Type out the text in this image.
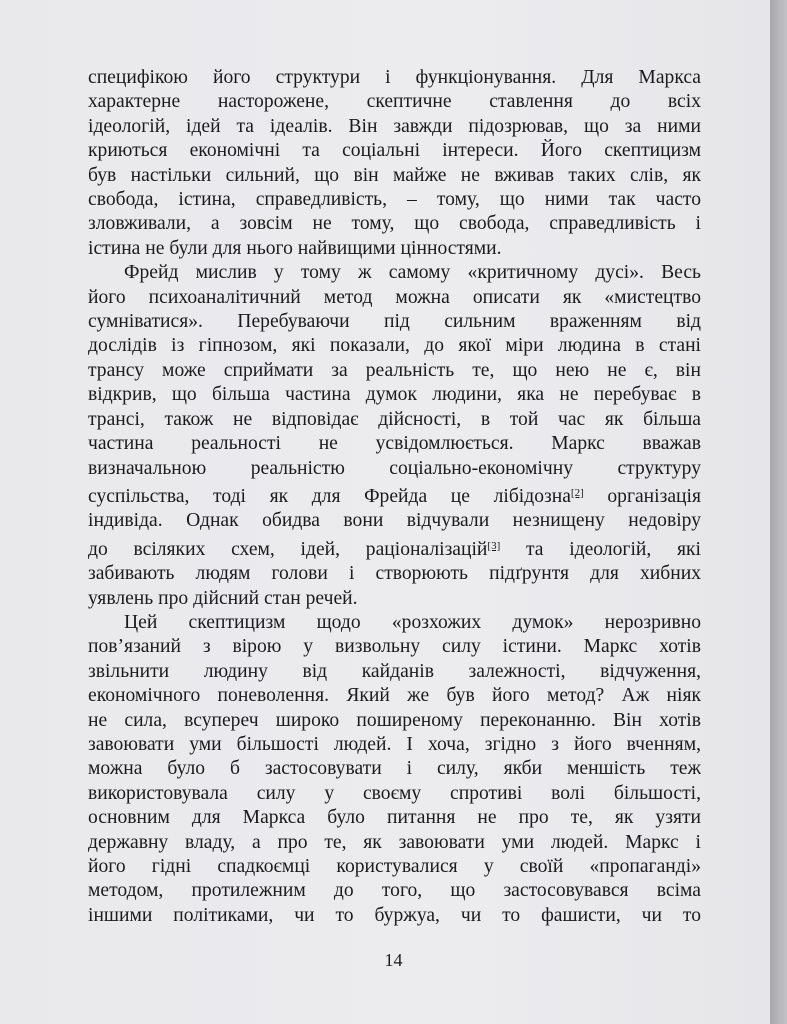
специфікою його структури і функціонування. Для Маркса
характерне настороженe, скептичне ставлення до всіх
ідеологій, ідей та ідеалів. Він завжди підозрював, що за ними
криються економічні та соціальні інтереси. Його скептицизм
був настільки сильний, що він майже не вживав таких слів, як
свобода, істина, справедливість, – тому, що ними так часто
зловживали, а зовсім не тому, що свобода, справедливість і
істина не були для нього найвищими цінностями.
Фрейд мислив у тому ж самому «критичному дусі». Весь
його психоаналітичний метод можна описати як «мистецтво
сумніватися». Перебуваючи під сильним враженням від
дослідів із гіпнозом, які показали, до якої міри людина в стані
трансу може сприймати за реальність те, що нею не є, він
відкрив, що більша частина думок людини, яка не перебуває в
трансі, також не відповідає дійсності, в той час як більша
частина реальності не усвідомлюється. Маркс вважав
визначальною реальністю соціально-економічну структуру
суспільства, тоді як для Фрейда це лібідозна[2] організація
індивіда. Однак обидва вони відчували незнищену недовіру
до всіляких схем, ідей, раціоналізацій[3] та ідеологій, які
забивають людям голови і створюють підґрунтя для хибних
уявлень про дійсний стан речей.
Цей скептицизм щодо «розхожих думок» нерозривно
пов’язаний з вірою у визвольну силу істини. Маркс хотів
звільнити людину від кайданів залежності, відчуження,
економічного поневолення. Який же був його метод? Аж ніяк
не сила, всупереч широко поширеному переконанню. Він хотів
завоювати уми більшості людей. І хоча, згідно з його вченням,
можна було б застосовувати і силу, якби меншість теж
використовувала силу у своєму спротиві волі більшості,
основним для Маркса було питання не про те, як узяти
державну владу, а про те, як завоювати уми людей. Маркс і
його гідні спадкоємці користувалися у своїй «пропаганді»
методом, протилежним до того, що застосовувався всіма
іншими політиками, чи то буржуа, чи то фашисти, чи то
14
